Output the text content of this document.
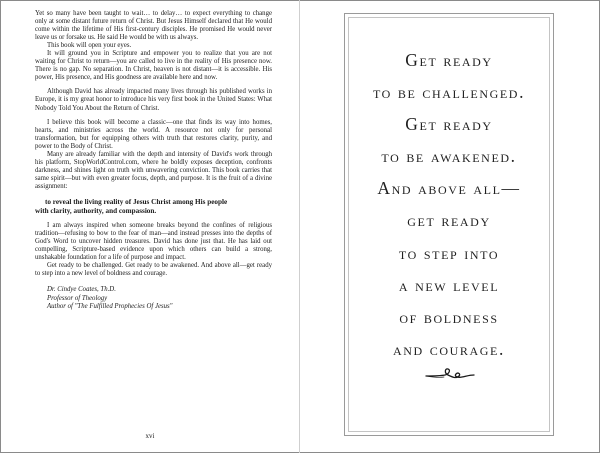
Yet so many have been taught to wait… to delay… to expect everything to change only at some distant future return of Christ. But Jesus Himself declared that He would come within the lifetime of His first-century disciples. He promised He would never leave us or forsake us. He said He would be with us always.

This book will open your eyes.

It will ground you in Scripture and empower you to realize that you are not waiting for Christ to return—you are called to live in the reality of His presence now. There is no gap. No separation. In Christ, heaven is not distant—it is accessible. His power, His presence, and His goodness are available here and now.

Although David has already impacted many lives through his published works in Europe, it is my great honor to introduce his very first book in the United States: What Nobody Told You About the Return of Christ.

I believe this book will become a classic—one that finds its way into homes, hearts, and ministries across the world. A resource not only for personal transformation, but for equipping others with truth that restores clarity, purity, and power to the Body of Christ.

Many are already familiar with the depth and intensity of David's work through his platform, StopWorldControl.com, where he boldly exposes deception, confronts darkness, and shines light on truth with unwavering conviction. This book carries that same spirit—but with even greater focus, depth, and purpose. It is the fruit of a divine assignment:

to reveal the living reality of Jesus Christ among His people
with clarity, authority, and compassion.

I am always inspired when someone breaks beyond the confines of religious tradition—refusing to bow to the fear of man—and instead presses into the depths of God's Word to uncover hidden treasures. David has done just that. He has laid out compelling, Scripture-based evidence upon which others can build a strong, unshakable foundation for a life of purpose and impact.

Get ready to be challenged. Get ready to be awakened. And above all—get ready to step into a new level of boldness and courage.

Dr. Cindye Coates, Th.D.
Professor of Theology
Author of "The Fulfilled Prophecies Of Jesus"
xvi
Get ready
to be challenged.
Get ready
to be awakened.
And above all—
get ready
to step into
a new level
of boldness
and courage.
